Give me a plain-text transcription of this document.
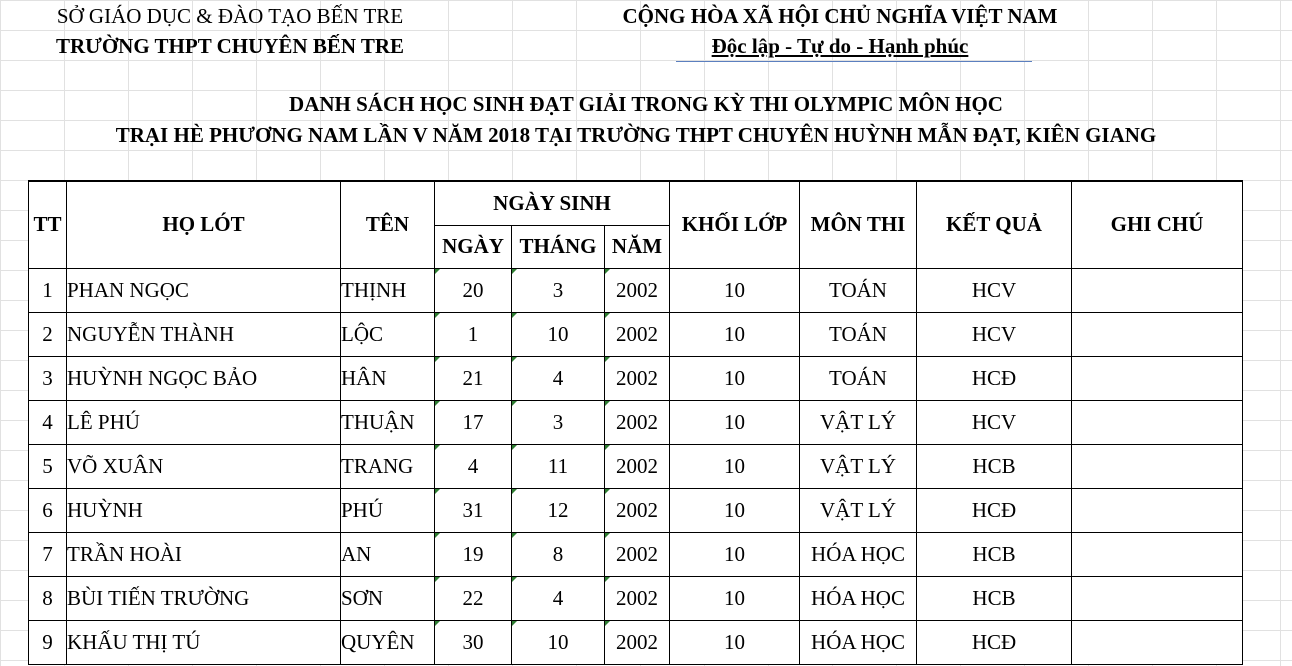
SỞ GIÁO DỤC & ĐÀO TẠO BẾN TRE
TRƯỜNG THPT CHUYÊN BẾN TRE
CỘNG HÒA XÃ HỘI CHỦ NGHĨA VIỆT NAM
Độc lập - Tự do - Hạnh phúc
DANH SÁCH HỌC SINH ĐẠT GIẢI TRONG KỲ THI OLYMPIC MÔN HỌC
TRẠI HÈ PHƯƠNG NAM LẦN V NĂM 2018 TẠI TRƯỜNG THPT CHUYÊN HUỲNH MẪN ĐẠT, KIÊN GIANG
TT	HỌ LÓT	TÊN	NGÀY SINH			KHỐI LỚP	MÔN THI	KẾT QUẢ	GHI CHÚ
			NGÀY	THÁNG	NĂM				
1	PHAN NGỌC	THỊNH	20	3	2002	10	TOÁN	HCV	
2	NGUYỄN THÀNH	LỘC	1	10	2002	10	TOÁN	HCV	
3	HUỲNH NGỌC BẢO	HÂN	21	4	2002	10	TOÁN	HCĐ	
4	LÊ PHÚ	THUẬN	17	3	2002	10	VẬT LÝ	HCV	
5	VÕ XUÂN	TRANG	4	11	2002	10	VẬT LÝ	HCB	
6	HUỲNH	PHÚ	31	12	2002	10	VẬT LÝ	HCĐ	
7	TRẦN HOÀI	AN	19	8	2002	10	HÓA HỌC	HCB	
8	BÙI TIẾN TRƯỜNG	SƠN	22	4	2002	10	HÓA HỌC	HCB	
9	KHẤU THỊ TÚ	QUYÊN	30	10	2002	10	HÓA HỌC	HCĐ	
